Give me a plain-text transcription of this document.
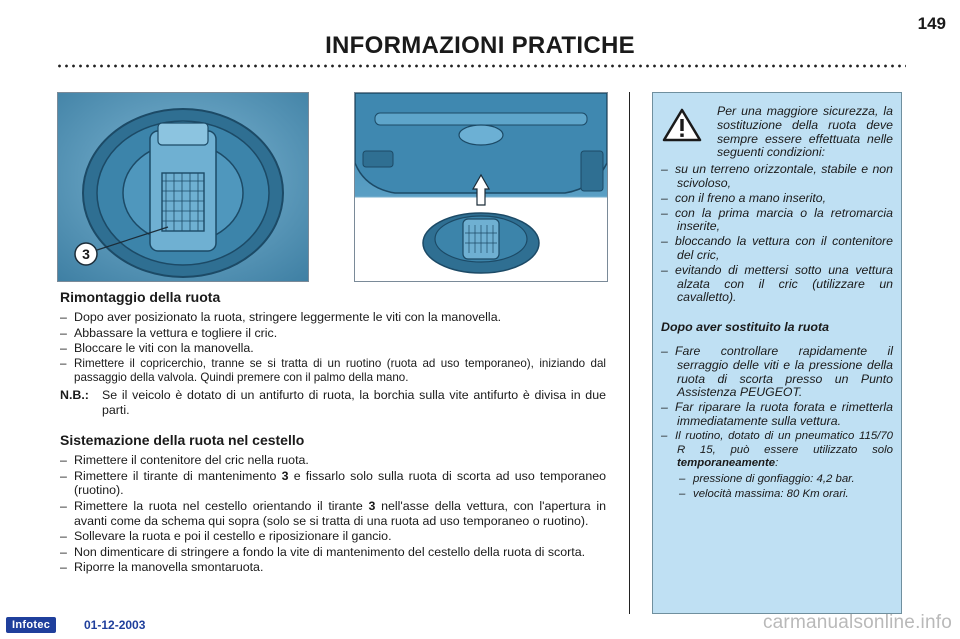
149
INFORMAZIONI PRATICHE
3
Rimontaggio della ruota
– Dopo aver posizionato la ruota, stringere leggermente le viti con la manovella.
– Abbassare la vettura e togliere il cric.
– Bloccare le viti con la manovella.
– Rimettere il copricerchio, tranne se si tratta di un ruotino (ruota ad uso temporaneo), iniziando dal passaggio della valvola. Quindi premere con il palmo della mano.
N.B.:	Se il veicolo è dotato di un antifurto di ruota, la borchia sulla vite antifurto è divisa in due parti.
Sistemazione della ruota nel cestello
– Rimettere il contenitore del cric nella ruota.
– Rimettere il tirante di mantenimento 3 e fissarlo solo sulla ruota di scorta ad uso temporaneo (ruotino).
– Rimettere la ruota nel cestello orientando il tirante 3 nell'asse della vettura, con l'apertura in avanti come da schema qui sopra (solo se si tratta di una ruota ad uso temporaneo o ruotino).
– Sollevare la ruota e poi il cestello e riposizionare il gancio.
– Non dimenticare di stringere a fondo la vite di mantenimento del cestello della ruota di scorta.
– Riporre la manovella smontaruota.
Per una maggiore sicurezza, la sostituzione della ruota deve sempre essere effettuata nelle seguenti condizioni:
– su un terreno orizzontale, stabile e non scivoloso,
– con il freno a mano inserito,
– con la prima marcia o la retromarcia inserite,
– bloccando la vettura con il contenitore del cric,
– evitando di mettersi sotto una vettura alzata con il cric (utilizzare un cavalletto).
Dopo aver sostituito la ruota
– Fare controllare rapidamente il serraggio delle viti e la pressione della ruota di scorta presso un Punto Assistenza PEUGEOT.
– Far riparare la ruota forata e rimetterla immediatamente sulla vettura.
– Il ruotino, dotato di un pneumatico 115/70 R 15, può essere utilizzato solo temporaneamente:
– pressione di gonfiaggio: 4,2 bar.
– velocità massima: 80 Km orari.
Infotec	01-12-2003	carmanualsonline.info
